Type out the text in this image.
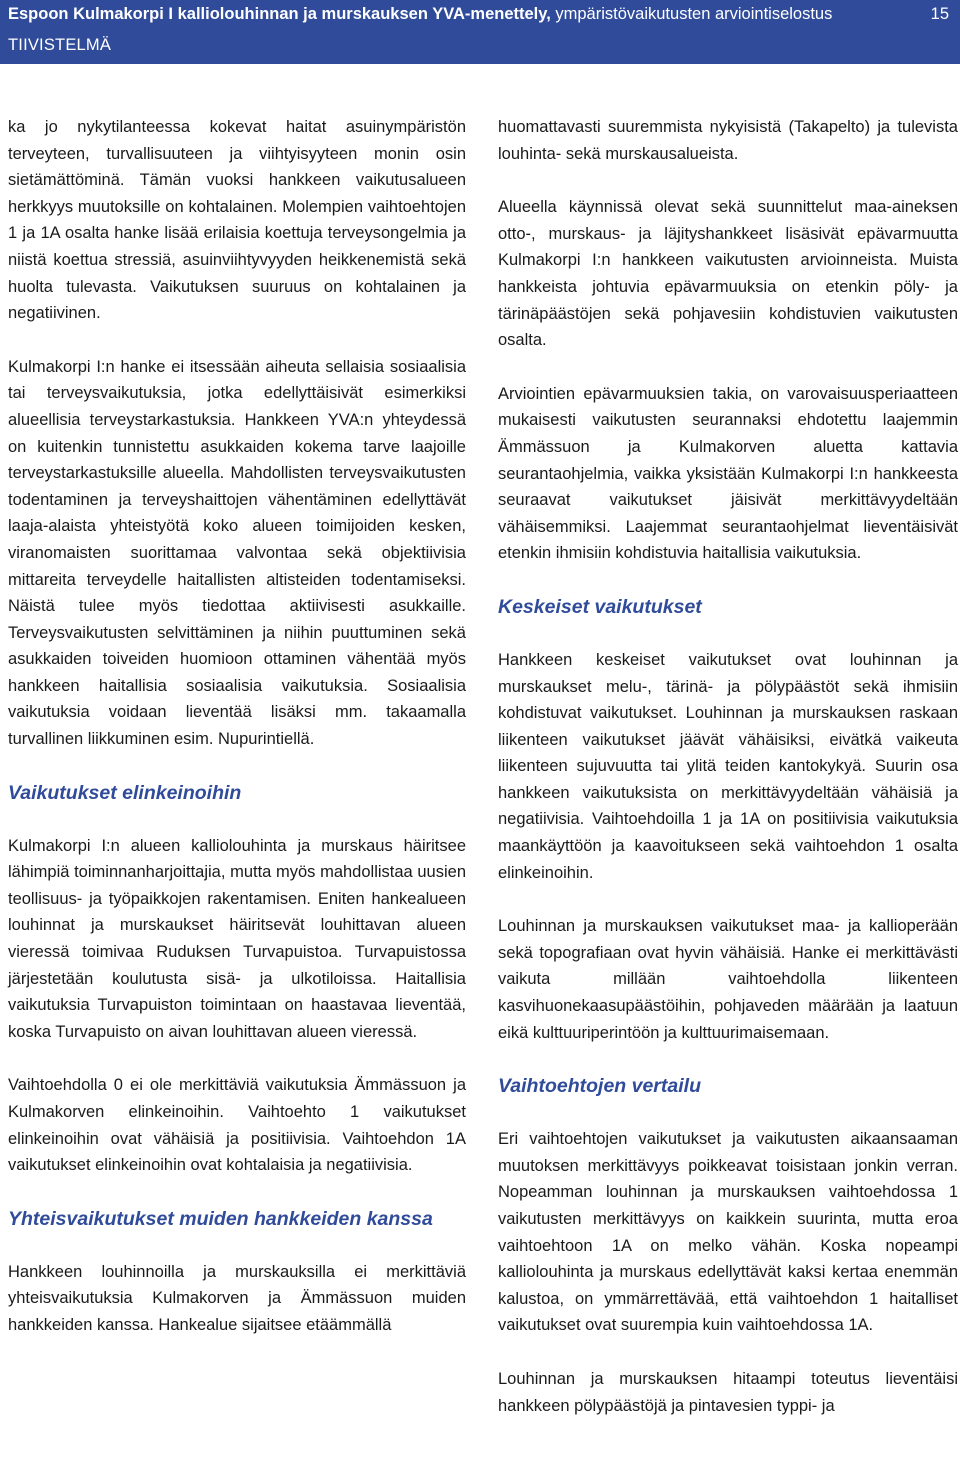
Espoon Kulmakorpi I kalliolouhinnan ja murskauksen YVA-menettely, ympäristövaikutusten arviointiselostus
TIIVISTELMÄ
15

ka jo nykytilanteessa kokevat haitat asuinympäristön terveyteen, turvallisuuteen ja viihtyisyyteen monin osin sietämättöminä. Tämän vuoksi hankkeen vaikutusalueen herkkyys muutoksille on kohtalainen. Molempien vaihtoehtojen 1 ja 1A osalta hanke lisää erilaisia koettuja terveysongelmia ja niistä koettua stressiä, asuinviihtyvyyden heikkenemistä sekä huolta tulevasta. Vaikutuksen suuruus on kohtalainen ja negatiivinen.

Kulmakorpi I:n hanke ei itsessään aiheuta sellaisia sosiaalisia tai terveysvaikutuksia, jotka edellyttäisivät esimerkiksi alueellisia terveystarkastuksia. Hankkeen YVA:n yhteydessä on kuitenkin tunnistettu asukkaiden kokema tarve laajoille terveystarkastuksille alueella. Mahdollisten terveysvaikutusten todentaminen ja terveyshaittojen vähentäminen edellyttävät laaja-alaista yhteistyötä koko alueen toimijoiden kesken, viranomaisten suorittamaa valvontaa sekä objektiivisia mittareita terveydelle haitallisten altisteiden todentamiseksi. Näistä tulee myös tiedottaa aktiivisesti asukkaille. Terveysvaikutusten selvittäminen ja niihin puuttuminen sekä asukkaiden toiveiden huomioon ottaminen vähentää myös hankkeen haitallisia sosiaalisia vaikutuksia. Sosiaalisia vaikutuksia voidaan lieventää lisäksi mm. takaamalla turvallinen liikkuminen esim. Nupurintiellä.

Vaikutukset elinkeinoihin

Kulmakorpi I:n alueen kalliolouhinta ja murskaus häiritsee lähimpiä toiminnanharjoittajia, mutta myös mahdollistaa uusien teollisuus- ja työpaikkojen rakentamisen. Eniten hankealueen louhinnat ja murskaukset häiritsevät louhittavan alueen vieressä toimivaa Ruduksen Turvapuistoa. Turvapuistossa järjestetään koulutusta sisä- ja ulkotiloissa. Haitallisia vaikutuksia Turvapuiston toimintaan on haastavaa lieventää, koska Turvapuisto on aivan louhittavan alueen vieressä.

Vaihtoehdolla 0 ei ole merkittäviä vaikutuksia Ämmässuon ja Kulmakorven elinkeinoihin. Vaihtoehto 1 vaikutukset elinkeinoihin ovat vähäisiä ja positiivisia. Vaihtoehdon 1A vaikutukset elinkeinoihin ovat kohtalaisia ja negatiivisia.

Yhteisvaikutukset muiden hankkeiden kanssa

Hankkeen louhinnoilla ja murskauksilla ei merkittäviä yhteisvaikutuksia Kulmakorven ja Ämmässuon muiden hankkeiden kanssa. Hankealue sijaitsee etäämmällä

huomattavasti suuremmista nykyisistä (Takapelto) ja tulevista louhinta- sekä murskausalueista.

Alueella käynnissä olevat sekä suunnittelut maa-aineksen otto-, murskaus- ja läjityshankkeet lisäsivät epävarmuutta Kulmakorpi I:n hankkeen vaikutusten arvioinneista. Muista hankkeista johtuvia epävarmuuksia on etenkin pöly- ja tärinäpäästöjen sekä pohjavesiin kohdistuvien vaikutusten osalta.

Arviointien epävarmuuksien takia, on varovaisuusperiaatteen mukaisesti vaikutusten seurannaksi ehdotettu laajemmin Ämmässuon ja Kulmakorven aluetta kattavia seurantaohjelmia, vaikka yksistään Kulmakorpi I:n hankkeesta seuraavat vaikutukset jäisivät merkittävyydeltään vähäisemmiksi. Laajemmat seurantaohjelmat lieventäisivät etenkin ihmisiin kohdistuvia haitallisia vaikutuksia.

Keskeiset vaikutukset

Hankkeen keskeiset vaikutukset ovat louhinnan ja murskaukset melu-, tärinä- ja pölypäästöt sekä ihmisiin kohdistuvat vaikutukset. Louhinnan ja murskauksen raskaan liikenteen vaikutukset jäävät vähäisiksi, eivätkä vaikeuta liikenteen sujuvuutta tai ylitä teiden kantokykyä. Suurin osa hankkeen vaikutuksista on merkittävyydeltään vähäisiä ja negatiivisia. Vaihtoehdoilla 1 ja 1A on positiivisia vaikutuksia maankäyttöön ja kaavoitukseen sekä vaihtoehdon 1 osalta elinkeinoihin.

Louhinnan ja murskauksen vaikutukset maa- ja kallioperään sekä topografiaan ovat hyvin vähäisiä. Hanke ei merkittävästi vaikuta millään vaihtoehdolla liikenteen kasvihuonekaasupäästöihin, pohjaveden määrään ja laatuun eikä kulttuuriperintöön ja kulttuurimaisemaan.

Vaihtoehtojen vertailu

Eri vaihtoehtojen vaikutukset ja vaikutusten aikaansaaman muutoksen merkittävyys poikkeavat toisistaan jonkin verran. Nopeamman louhinnan ja murskauksen vaihtoehdossa 1 vaikutusten merkittävyys on kaikkein suurinta, mutta eroa vaihtoehtoon 1A on melko vähän. Koska nopeampi kalliolouhinta ja murskaus edellyttävät kaksi kertaa enemmän kalustoa, on ymmärrettävää, että vaihtoehdon 1 haitalliset vaikutukset ovat suurempia kuin vaihtoehdossa 1A.

Louhinnan ja murskauksen hitaampi toteutus lieventäisi hankkeen pölypäästöjä ja pintavesien typpi- ja
